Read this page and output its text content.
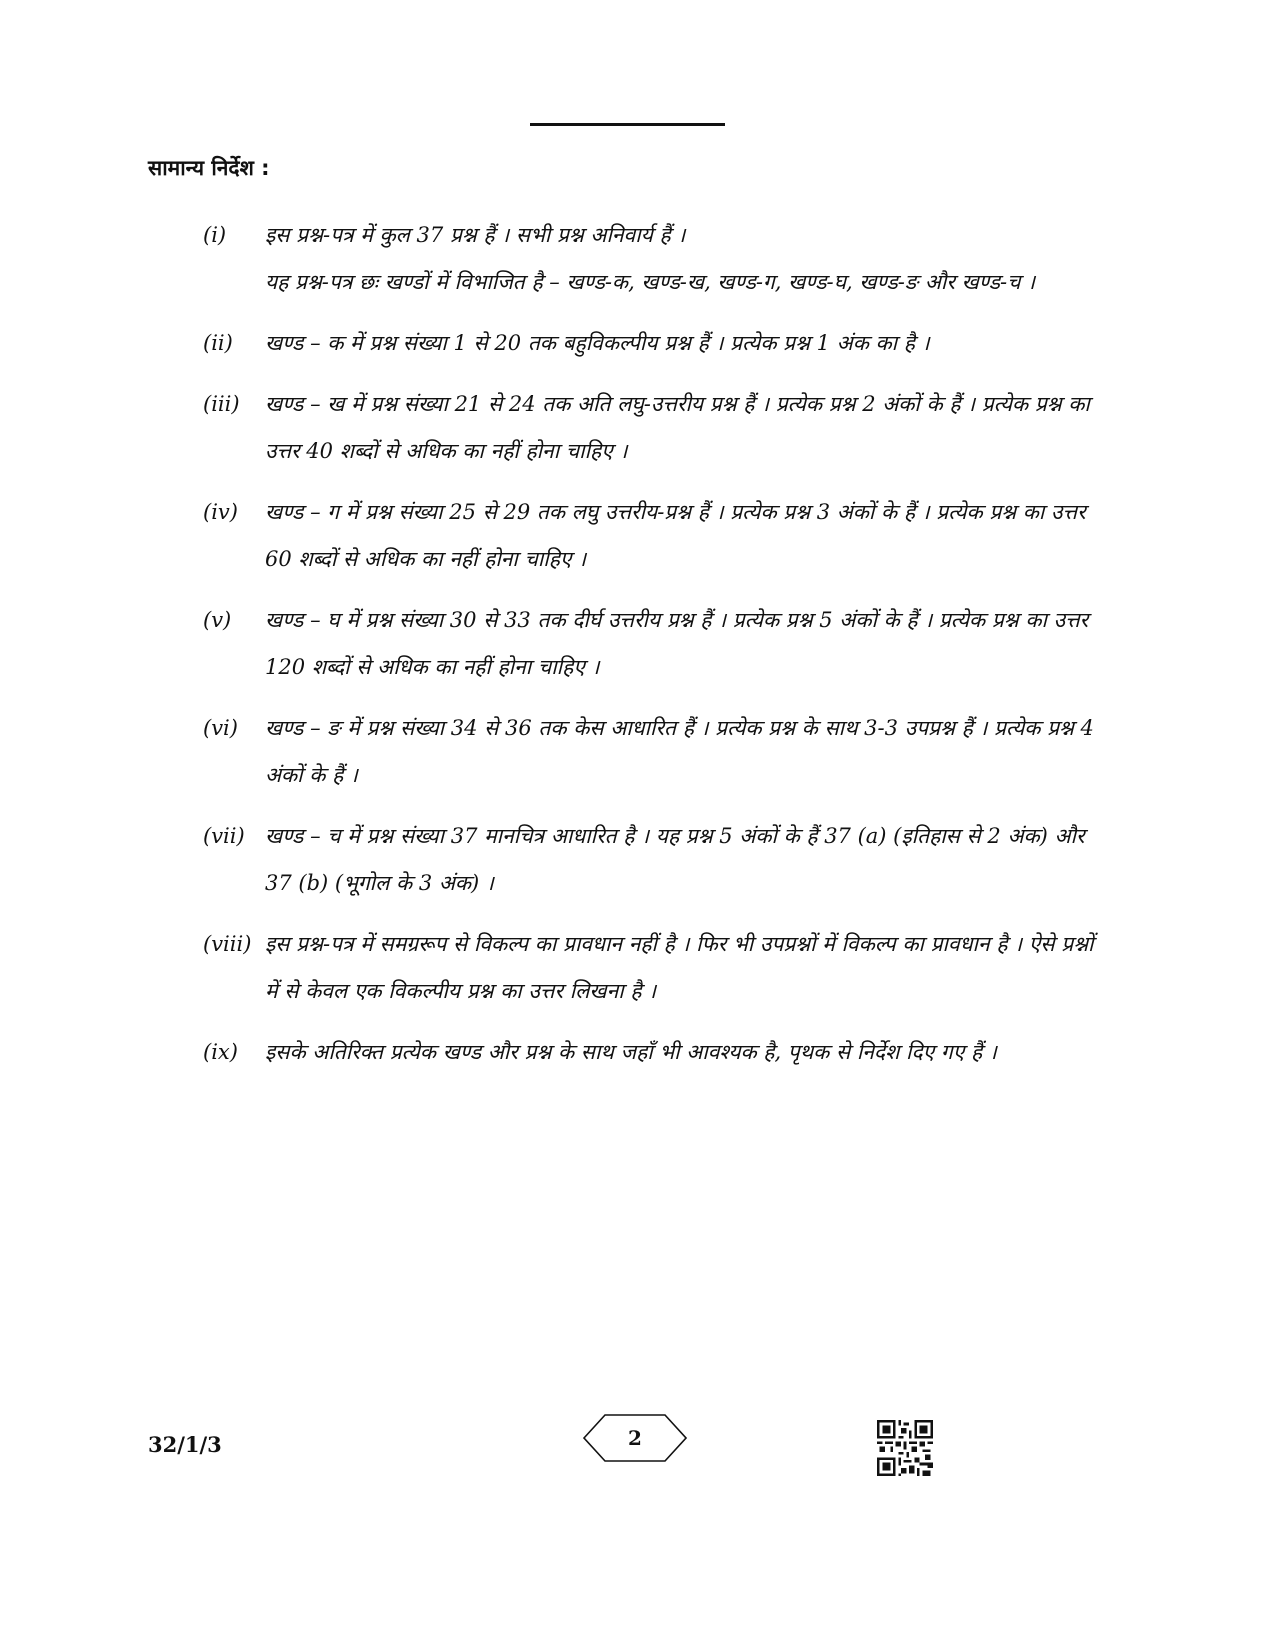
सामान्य निर्देश :
(i)	इस प्रश्न-पत्र में कुल 37 प्रश्न हैं । सभी प्रश्न अनिवार्य हैं ।

यह प्रश्न-पत्र छः खण्डों में विभाजित है – खण्ड-क, खण्ड-ख, खण्ड-ग, खण्ड-घ, खण्ड-ङ और खण्ड-च ।

(ii)	खण्ड – क में प्रश्न संख्या 1 से 20 तक बहुविकल्पीय प्रश्न हैं । प्रत्येक प्रश्न 1 अंक का है ।

(iii)	खण्ड – ख में प्रश्न संख्या 21 से 24 तक अति लघु-उत्तरीय प्रश्न हैं । प्रत्येक प्रश्न 2 अंकों के हैं । प्रत्येक प्रश्न का उत्तर 40 शब्दों से अधिक का नहीं होना चाहिए ।

(iv)	खण्ड – ग में प्रश्न संख्या 25 से 29 तक लघु उत्तरीय-प्रश्न हैं । प्रत्येक प्रश्न 3 अंकों के हैं । प्रत्येक प्रश्न का उत्तर 60 शब्दों से अधिक का नहीं होना चाहिए ।

(v)	खण्ड – घ में प्रश्न संख्या 30 से 33 तक दीर्घ उत्तरीय प्रश्न हैं । प्रत्येक प्रश्न 5 अंकों के हैं । प्रत्येक प्रश्न का उत्तर 120 शब्दों से अधिक का नहीं होना चाहिए ।

(vi)	खण्ड – ङ में प्रश्न संख्या 34 से 36 तक केस आधारित हैं । प्रत्येक प्रश्न के साथ 3-3 उपप्रश्न हैं । प्रत्येक प्रश्न 4 अंकों के हैं ।

(vii) खण्ड – च में प्रश्न संख्या 37 मानचित्र आधारित है । यह प्रश्न 5 अंकों के हैं 37 (a) (इतिहास से 2 अंक) और 37 (b) (भूगोल के 3 अंक) ।

(viii) इस प्रश्न-पत्र में समग्ररूप से विकल्प का प्रावधान नहीं है । फिर भी उपप्रश्नों में विकल्प का प्रावधान है । ऐसे प्रश्नों में से केवल एक विकल्पीय प्रश्न का उत्तर लिखना है ।

(ix)	इसके अतिरिक्त प्रत्येक खण्ड और प्रश्न के साथ जहाँ भी आवश्यक है, पृथक से निर्देश दिए गए हैं ।

32/1/3	2
